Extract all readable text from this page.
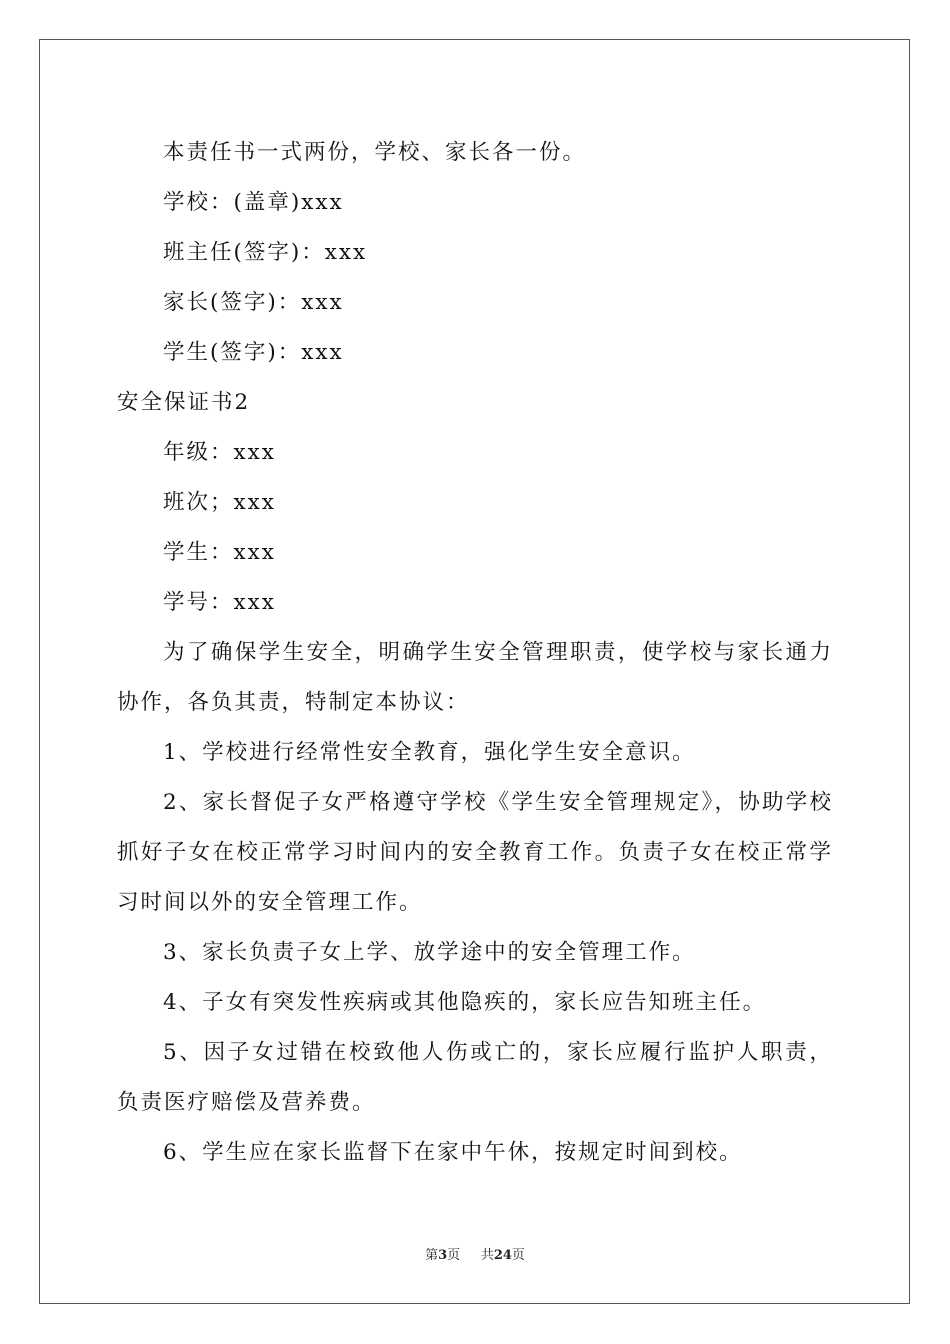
本责任书一式两份，学校、家长各一份。

学校：(盖章)xxx

班主任(签字)：xxx

家长(签字)：xxx

学生(签字)：xxx

安全保证书2

年级：xxx

班次；xxx

学生：xxx

学号：xxx

为了确保学生安全，明确学生安全管理职责，使学校与家长通力协作，各负其责，特制定本协议：

1、学校进行经常性安全教育，强化学生安全意识。

2、家长督促子女严格遵守学校《学生安全管理规定》，协助学校抓好子女在校正常学习时间内的安全教育工作。负责子女在校正常学习时间以外的安全管理工作。

3、家长负责子女上学、放学途中的安全管理工作。

4、子女有突发性疾病或其他隐疾的，家长应告知班主任。

5、因子女过错在校致他人伤或亡的，家长应履行监护人职责，负责医疗赔偿及营养费。

6、学生应在家长监督下在家中午休，按规定时间到校。

第3页 共24页
